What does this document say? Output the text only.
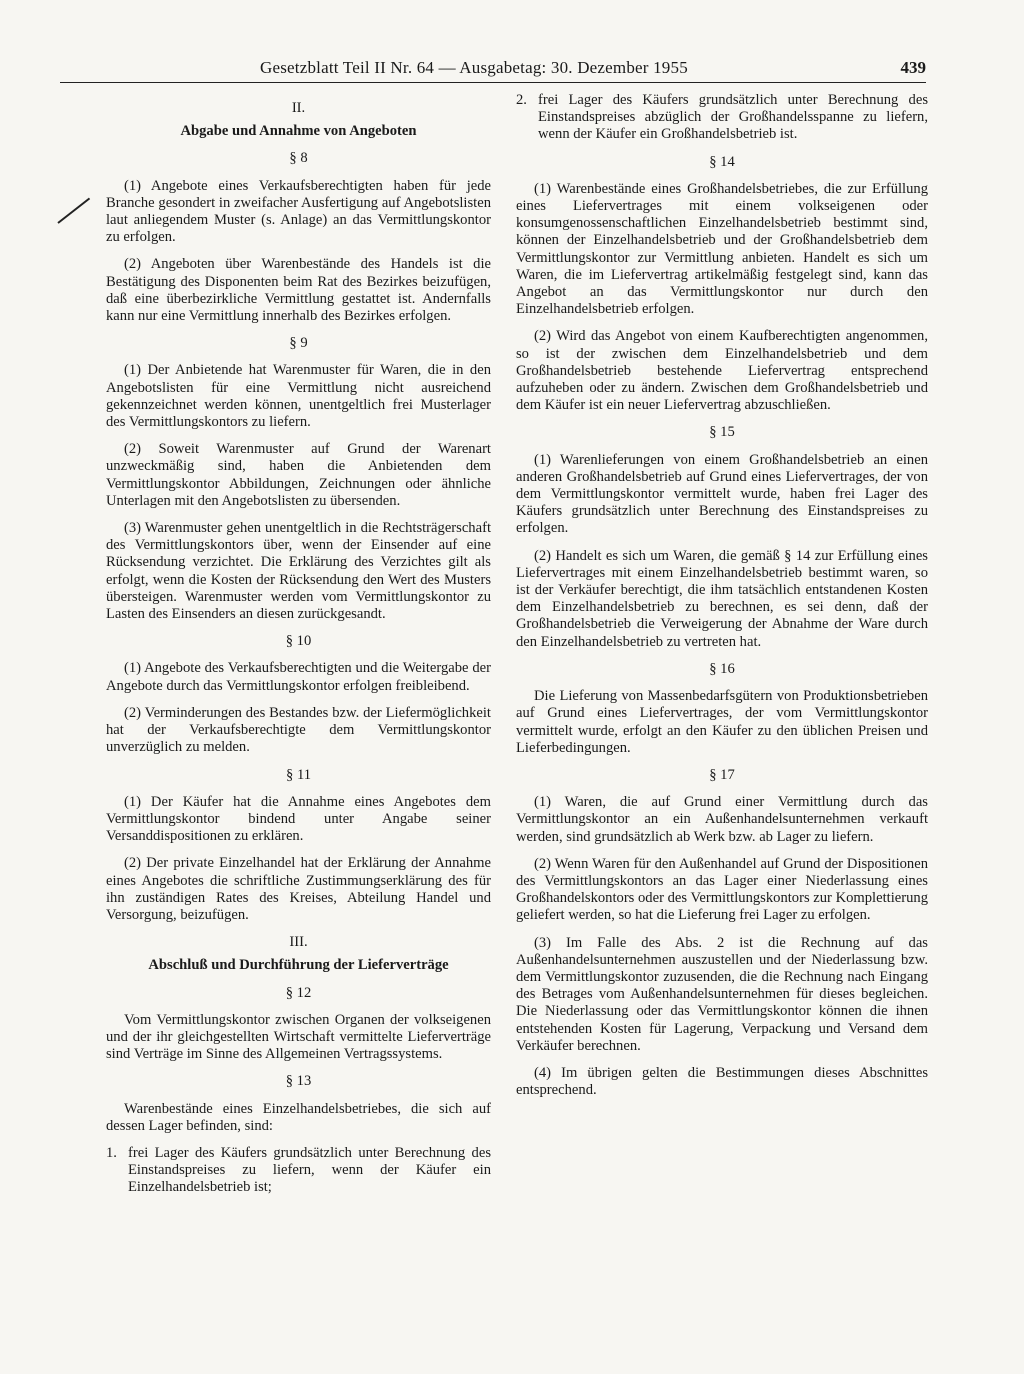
Gesetzblatt Teil II Nr. 64 — Ausgabetag: 30. Dezember 1955	439
II.
Abgabe und Annahme von Angeboten
§ 8

(1) Angebote eines Verkaufsberechtigten haben für jede Branche gesondert in zweifacher Ausfertigung auf Angebotslisten laut anliegendem Muster (s. Anlage) an das Vermittlungskontor zu erfolgen.

(2) Angeboten über Warenbestände des Handels ist die Bestätigung des Disponenten beim Rat des Bezirkes beizufügen, daß eine überbezirkliche Vermittlung gestattet ist. Andernfalls kann nur eine Vermittlung innerhalb des Bezirkes erfolgen.

§ 9

(1) Der Anbietende hat Warenmuster für Waren, die in den Angebotslisten für eine Vermittlung nicht ausreichend gekennzeichnet werden können, unentgeltlich frei Musterlager des Vermittlungskontors zu liefern.

(2) Soweit Warenmuster auf Grund der Warenart unzweckmäßig sind, haben die Anbietenden dem Vermittlungskontor Abbildungen, Zeichnungen oder ähnliche Unterlagen mit den Angebotslisten zu übersenden.

(3) Warenmuster gehen unentgeltlich in die Rechtsträgerschaft des Vermittlungskontors über, wenn der Einsender auf eine Rücksendung verzichtet. Die Erklärung des Verzichtes gilt als erfolgt, wenn die Kosten der Rücksendung den Wert des Musters übersteigen. Warenmuster werden vom Vermittlungskontor zu Lasten des Einsenders an diesen zurückgesandt.

§ 10

(1) Angebote des Verkaufsberechtigten und die Weitergabe der Angebote durch das Vermittlungskontor erfolgen freibleibend.

(2) Verminderungen des Bestandes bzw. der Liefermöglichkeit hat der Verkaufsberechtigte dem Vermittlungskontor unverzüglich zu melden.

§ 11

(1) Der Käufer hat die Annahme eines Angebotes dem Vermittlungskontor bindend unter Angabe seiner Versanddispositionen zu erklären.

(2) Der private Einzelhandel hat der Erklärung der Annahme eines Angebotes die schriftliche Zustimmungserklärung des für ihn zuständigen Rates des Kreises, Abteilung Handel und Versorgung, beizufügen.

III.
Abschluß und Durchführung der Lieferverträge
§ 12

Vom Vermittlungskontor zwischen Organen der volkseigenen und der ihr gleichgestellten Wirtschaft vermittelte Lieferverträge sind Verträge im Sinne des Allgemeinen Vertragssystems.

§ 13

Warenbestände eines Einzelhandelsbetriebes, die sich auf dessen Lager befinden, sind:

1. frei Lager des Käufers grundsätzlich unter Berechnung des Einstandspreises zu liefern, wenn der Käufer ein Einzelhandelsbetrieb ist;
2. frei Lager des Käufers grundsätzlich unter Berechnung des Einstandspreises abzüglich der Großhandelsspanne zu liefern, wenn der Käufer ein Großhandelsbetrieb ist.
§ 14

(1) Warenbestände eines Großhandelsbetriebes, die zur Erfüllung eines Liefervertrages mit einem volkseigenen oder konsumgenossenschaftlichen Einzelhandelsbetrieb bestimmt sind, können der Einzelhandelsbetrieb und der Großhandelsbetrieb dem Vermittlungskontor zur Vermittlung anbieten. Handelt es sich um Waren, die im Liefervertrag artikelmäßig festgelegt sind, kann das Angebot an das Vermittlungskontor nur durch den Einzelhandelsbetrieb erfolgen.

(2) Wird das Angebot von einem Kaufberechtigten angenommen, so ist der zwischen dem Einzelhandelsbetrieb und dem Großhandelsbetrieb bestehende Liefervertrag entsprechend aufzuheben oder zu ändern. Zwischen dem Großhandelsbetrieb und dem Käufer ist ein neuer Liefervertrag abzuschließen.

§ 15

(1) Warenlieferungen von einem Großhandelsbetrieb an einen anderen Großhandelsbetrieb auf Grund eines Liefervertrages, der von dem Vermittlungskontor vermittelt wurde, haben frei Lager des Käufers grundsätzlich unter Berechnung des Einstandspreises zu erfolgen.

(2) Handelt es sich um Waren, die gemäß § 14 zur Erfüllung eines Liefervertrages mit einem Einzelhandelsbetrieb bestimmt waren, so ist der Verkäufer berechtigt, die ihm tatsächlich entstandenen Kosten dem Einzelhandelsbetrieb zu berechnen, es sei denn, daß der Großhandelsbetrieb die Verweigerung der Abnahme der Ware durch den Einzelhandelsbetrieb zu vertreten hat.

§ 16

Die Lieferung von Massenbedarfsgütern von Produktionsbetrieben auf Grund eines Liefervertrages, der vom Vermittlungskontor vermittelt wurde, erfolgt an den Käufer zu den üblichen Preisen und Lieferbedingungen.

§ 17

(1) Waren, die auf Grund einer Vermittlung durch das Vermittlungskontor an ein Außenhandelsunternehmen verkauft werden, sind grundsätzlich ab Werk bzw. ab Lager zu liefern.

(2) Wenn Waren für den Außenhandel auf Grund der Dispositionen des Vermittlungskontors an das Lager einer Niederlassung eines Großhandelskontors oder des Vermittlungskontors zur Komplettierung geliefert werden, so hat die Lieferung frei Lager zu erfolgen.

(3) Im Falle des Abs. 2 ist die Rechnung auf das Außenhandelsunternehmen auszustellen und der Niederlassung bzw. dem Vermittlungskontor zuzusenden, die die Rechnung nach Eingang des Betrages vom Außenhandelsunternehmen für dieses begleichen. Die Niederlassung oder das Vermittlungskontor können die ihnen entstehenden Kosten für Lagerung, Verpackung und Versand dem Verkäufer berechnen.

(4) Im übrigen gelten die Bestimmungen dieses Abschnittes entsprechend.
